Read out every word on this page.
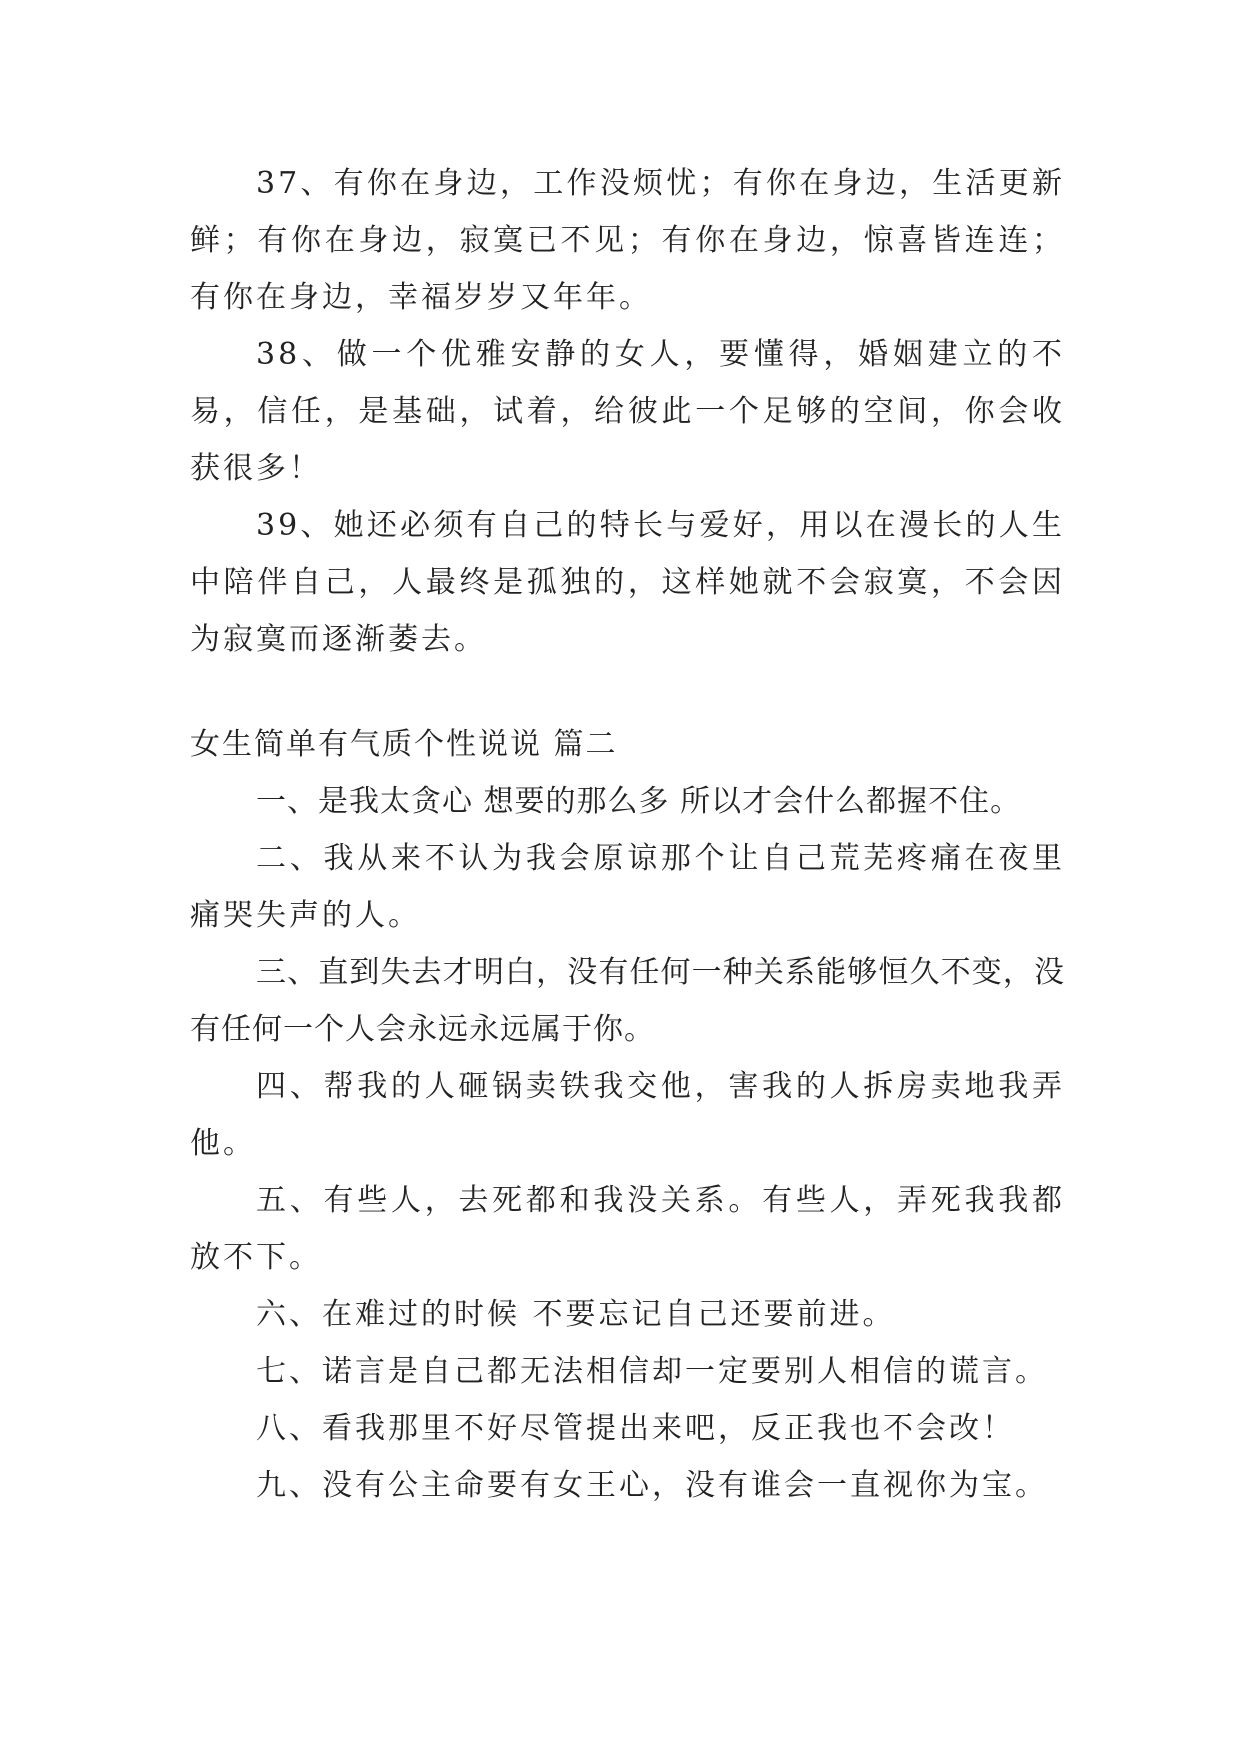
37、有你在身边，工作没烦忧；有你在身边，生活更新鲜；有你在身边，寂寞已不见；有你在身边，惊喜皆连连；有你在身边，幸福岁岁又年年。

38、做一个优雅安静的女人，要懂得，婚姻建立的不易，信任，是基础，试着，给彼此一个足够的空间，你会收获很多！

39、她还必须有自己的特长与爱好，用以在漫长的人生中陪伴自己，人最终是孤独的，这样她就不会寂寞，不会因为寂寞而逐渐萎去。

女生简单有气质个性说说 篇二

一、是我太贪心 想要的那么多 所以才会什么都握不住。

二、我从来不认为我会原谅那个让自己荒芜疼痛在夜里痛哭失声的人。

三、直到失去才明白，没有任何一种关系能够恒久不变，没有任何一个人会永远永远属于你。

四、帮我的人砸锅卖铁我交他，害我的人拆房卖地我弄他。

五、有些人，去死都和我没关系。有些人，弄死我我都放不下。

六、在难过的时候 不要忘记自己还要前进。

七、诺言是自己都无法相信却一定要别人相信的谎言。

八、看我那里不好尽管提出来吧，反正我也不会改！

九、没有公主命要有女王心，没有谁会一直视你为宝。
